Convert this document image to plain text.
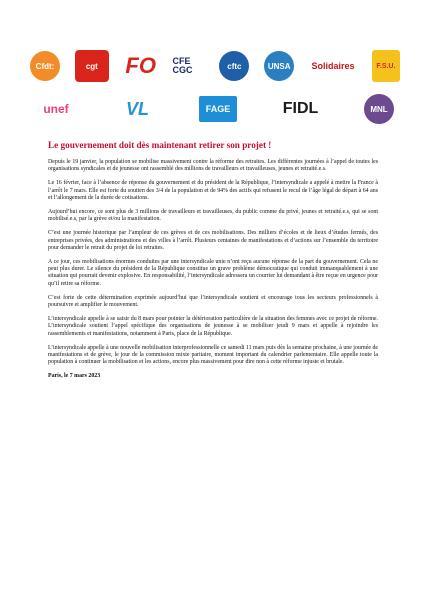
Cfdt:	cgt	FO CFE CGC	cftc	UNSA	Solidaires	F.S.U.
unef	VL	FAGE	FIDL	MNL
Le gouvernement doit dès maintenant retirer son projet !

Depuis le 19 janvier, la population se mobilise massivement contre la réforme des retraites. Les différentes journées à l’appel de toutes les organisations syndicales et de jeunesse ont rassemblé des millions de travailleurs et travailleuses, jeunes et retraité.e.s.

Le 16 février, face à l’absence de réponse du gouvernement et du président de la République, l’intersyndicale a appelé à mettre la France à l’arrêt le 7 mars. Elle est forte du soutien des 3/4 de la population et de 94% des actifs qui refusent le recul de l’âge légal de départ à 64 ans et l’allongement de la durée de cotisations.

Aujourd’hui encore, ce sont plus de 3 millions de travailleurs et travailleuses, du public comme du privé, jeunes et retraité.e.s, qui se sont mobilisé.e.s, par la grève et/ou la manifestation.

C’est une journée historique par l’ampleur de ces grèves et de ces mobilisations. Des milliers d’écoles et de lieux d’études fermés, des entreprises privées, des administrations et des villes à l’arrêt. Plusieurs centaines de manifestations et d’actions sur l’ensemble du territoire pour demander le retrait du projet de loi retraites.

A ce jour, ces mobilisations énormes conduites par une intersyndicale unie n’ont reçu aucune réponse de la part du gouvernement. Cela ne peut plus durer. Le silence du président de la République constitue un grave problème démocratique qui conduit immanquablement à une situation qui pourrait devenir explosive. En responsabilité, l’intersyndicale adressera un courrier lui demandant à être reçue en urgence pour qu’il retire sa réforme.

C’est forte de cette détermination exprimée aujourd’hui que l’intersyndicale soutient et encourage tous les secteurs professionnels à poursuivre et amplifier le mouvement.

L’intersyndicale appelle à se saisir du 8 mars pour pointer la détérioration particulière de la situation des femmes avec ce projet de réforme. L’intersyndicale soutient l’appel spécifique des organisations de jeunesse à se mobiliser jeudi 9 mars et appelle à rejoindre les rassemblements et manifestations, notamment à Paris, place de la République.

L’intersyndicale appelle à une nouvelle mobilisation interprofessionnelle ce samedi 11 mars puis dès la semaine prochaine, à une journée de manifestations et de grève, le jour de la commission mixte paritaire, moment important du calendrier parlementaire. Elle appelle toute la population à continuer la mobilisation et les actions, encore plus massivement pour dire non à cette réforme injuste et brutale.

Paris, le 7 mars 2023
